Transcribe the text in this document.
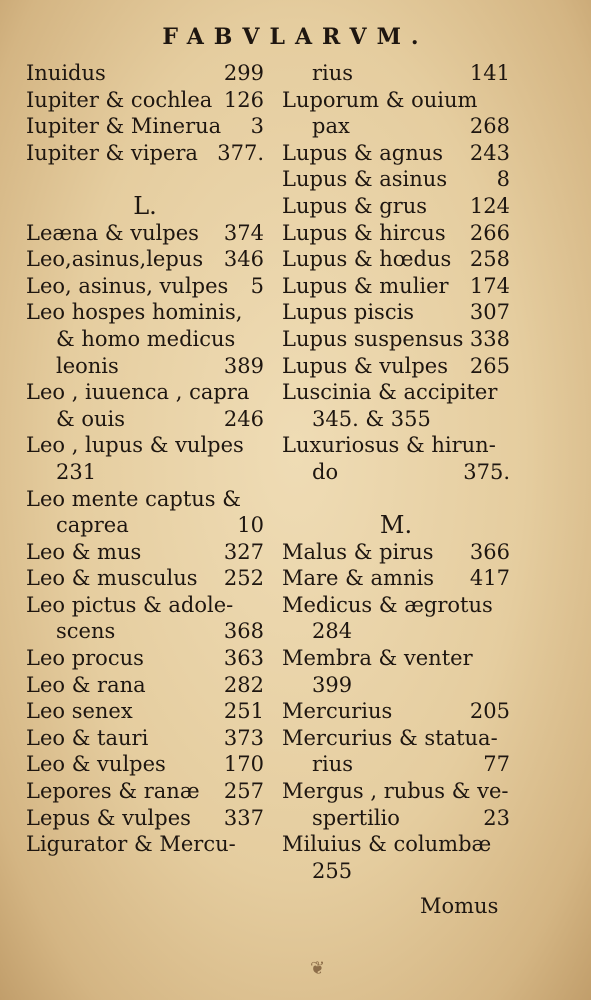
FABVLARVM.
Inuidus	299
Iupiter & cochlea 126
Iupiter & Minerua 3
Iupiter & vipera 377.
L.
Leæna & vulpes 374
Leo,asinus,lepus 346
Leo, asinus, vulpes 5
Leo hospes hominis,
& homo medicus
leonis	389
Leo , iuuenca , capra
& ouis	246
Leo , lupus & vulpes
231
Leo mente captus &
caprea	10
Leo & mus	327
Leo & musculus 252
Leo pictus & adole-
scens	368
Leo procus	363
Leo & rana	282
Leo senex	251
Leo & tauri	373
Leo & vulpes	170
Lepores & ranæ 257
Lepus & vulpes 337
Ligurator & Mercu-
rius	141
Luporum & ouium
pax	268
Lupus & agnus 243
Lupus & asinus 8
Lupus & grus 124
Lupus & hircus 266
Lupus & hœdus 258
Lupus & mulier 174
Lupus piscis	307
Lupus suspensus 338
Lupus & vulpes 265
Luscinia & accipiter
345. & 355
Luxuriosus & hirun-
do	375.
M.
Malus & pirus 366
Mare & amnis 417
Medicus & ægrotus
284
Membra & venter
399
Mercurius	205
Mercurius & statua-
rius	77
Mergus , rubus & ve-
spertilio	23
Miluius & columbæ
255
Momus
❦
